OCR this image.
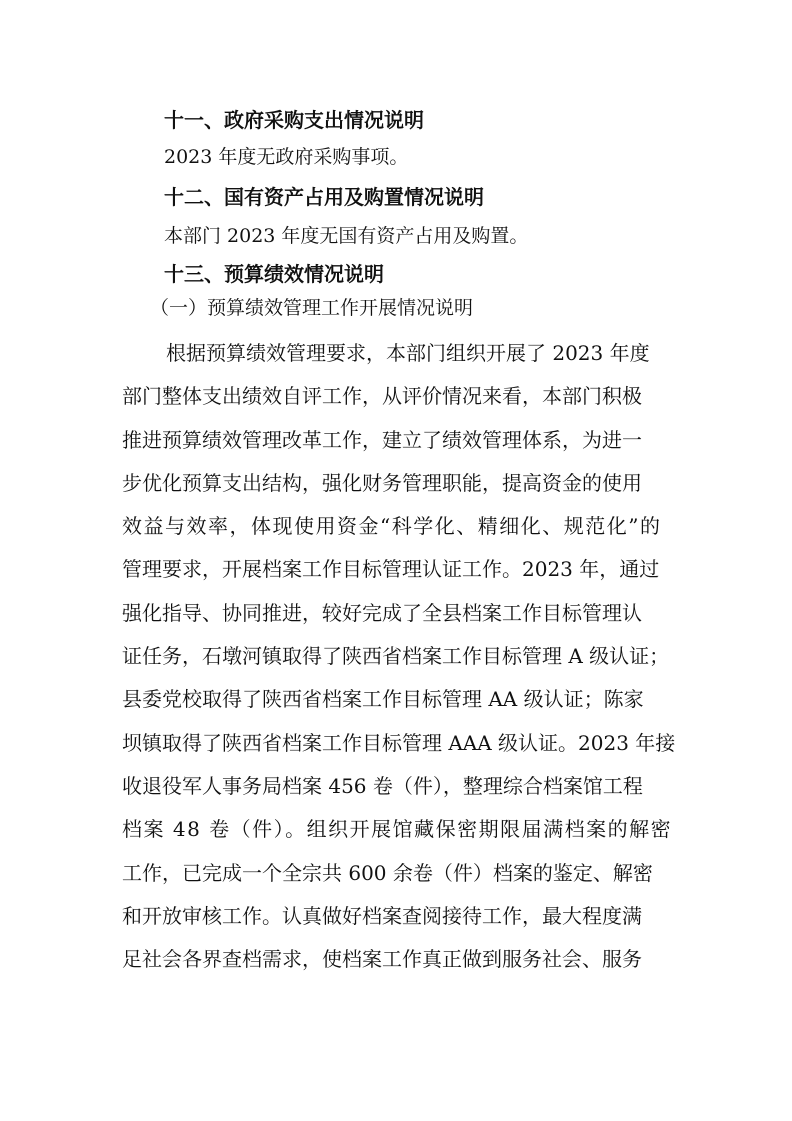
十一、政府采购支出情况说明

2023 年度无政府采购事项。

十二、国有资产占用及购置情况说明

本部门 2023 年度无国有资产占用及购置。

十三、预算绩效情况说明

（一）预算绩效管理工作开展情况说明

根据预算绩效管理要求，本部门组织开展了 2023 年度
部门整体支出绩效自评工作，从评价情况来看，本部门积极
推进预算绩效管理改革工作，建立了绩效管理体系，为进一
步优化预算支出结构，强化财务管理职能，提高资金的使用
效益与效率，体现使用资金“科学化、精细化、规范化”的
管理要求，开展档案工作目标管理认证工作。2023 年，通过
强化指导、协同推进，较好完成了全县档案工作目标管理认
证任务，石墩河镇取得了陕西省档案工作目标管理 A 级认证；
县委党校取得了陕西省档案工作目标管理 AA 级认证；陈家
坝镇取得了陕西省档案工作目标管理 AAA 级认证。2023 年接
收退役军人事务局档案 456 卷（件），整理综合档案馆工程
档案 48 卷（件）。组织开展馆藏保密期限届满档案的解密
工作，已完成一个全宗共 600 余卷（件）档案的鉴定、解密
和开放审核工作。认真做好档案查阅接待工作，最大程度满
足社会各界查档需求，使档案工作真正做到服务社会、服务
